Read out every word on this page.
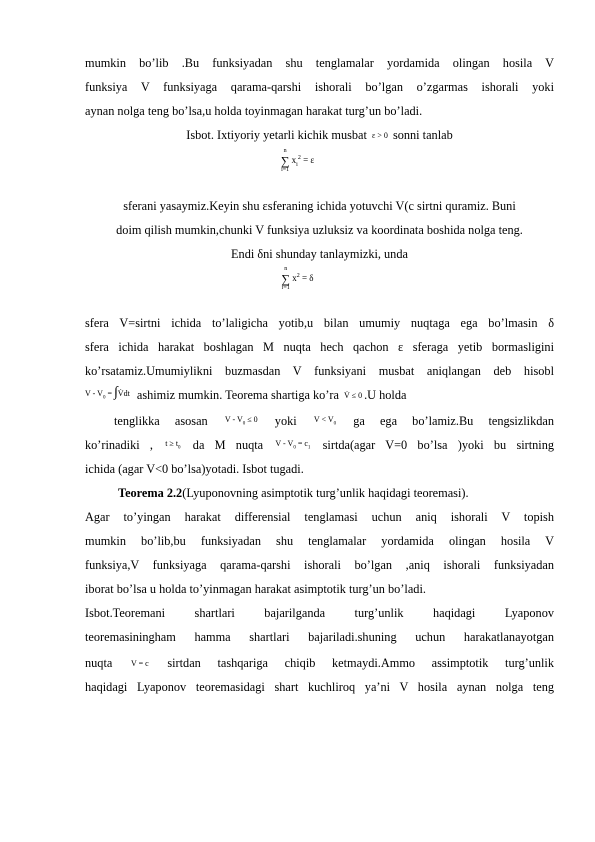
mumkin bo’lib .Bu funksiyadan shu tenglamalar yordamida olingan hosila V
funksiya V funksiyaga qarama-qarshi ishorali bo’lgan o’zgarmas ishorali yoki
aynan nolga teng bo’lsa,u holda toyinmagan harakat turg’un bo’ladi.
Isbot. Ixtiyoriy yetarli kichik musbat ε > 0 sonni tanlab
n
∑
i=1
$x_i^2 = \varepsilon$
sferani yasaymiz.Keyin shu εsferaning ichida yotuvchi V(c sirtni quramiz. Buni
doim qilish mumkin,chunki V funksiya uzluksiz va koordinata boshida nolga teng.
Endi δni shunday tanlaymizki, unda
n
∑
i=1
$x^2 = \delta$
sfera V=sirtni ichida to’laligicha yotib,u bilan umumiy nuqtaga ega bo’lmasin δ
sfera ichida harakat boshlagan M nuqta hech qachon ε sferaga yetib bormasligini
ko’rsatamiz.Umumiylikni buzmasdan V funksiyani musbat aniqlangan deb hisobl
V - $V_0$ = ∫V̇dt ashimiz mumkin. Teorema shartiga ko’ra V̇ ≤ 0 .U holda
tenglikka asosan $V - V_0 \le 0$ yoki $V < V_0$ ga ega bo’lamiz.Bu tengsizlikdan
ko’rinadiki , $t \ge t_0$ da M nuqta $V - V_0 = c_1$ sirtda(agar V=0 bo’lsa )yoki bu sirtning
ichida (agar V<0 bo’lsa)yotadi. Isbot tugadi.
Teorema 2.2(Lyuponovning asimptotik turg’unlik haqidagi teoremasi).
Agar to’yingan harakat differensial tenglamasi uchun aniq ishorali V topish
mumkin bo’lib,bu funksiyadan shu tenglamalar yordamida olingan hosila V
funksiya,V funksiyaga qarama-qarshi ishorali bo’lgan ,aniq ishorali funksiyadan
iborat bo’lsa u holda to’yinmagan harakat asimptotik turg’un bo’ladi.
Isbot.Teoremani shartlari bajarilganda turg’unlik haqidagi Lyaponov
teoremasiningham hamma shartlari bajariladi.shuning uchun harakatlanayotgan
nuqta V = c sirtdan tashqariga chiqib ketmaydi.Ammo assimptotik turg’unlik
haqidagi Lyaponov teoremasidagi shart kuchliroq ya’ni V hosila aynan nolga teng
